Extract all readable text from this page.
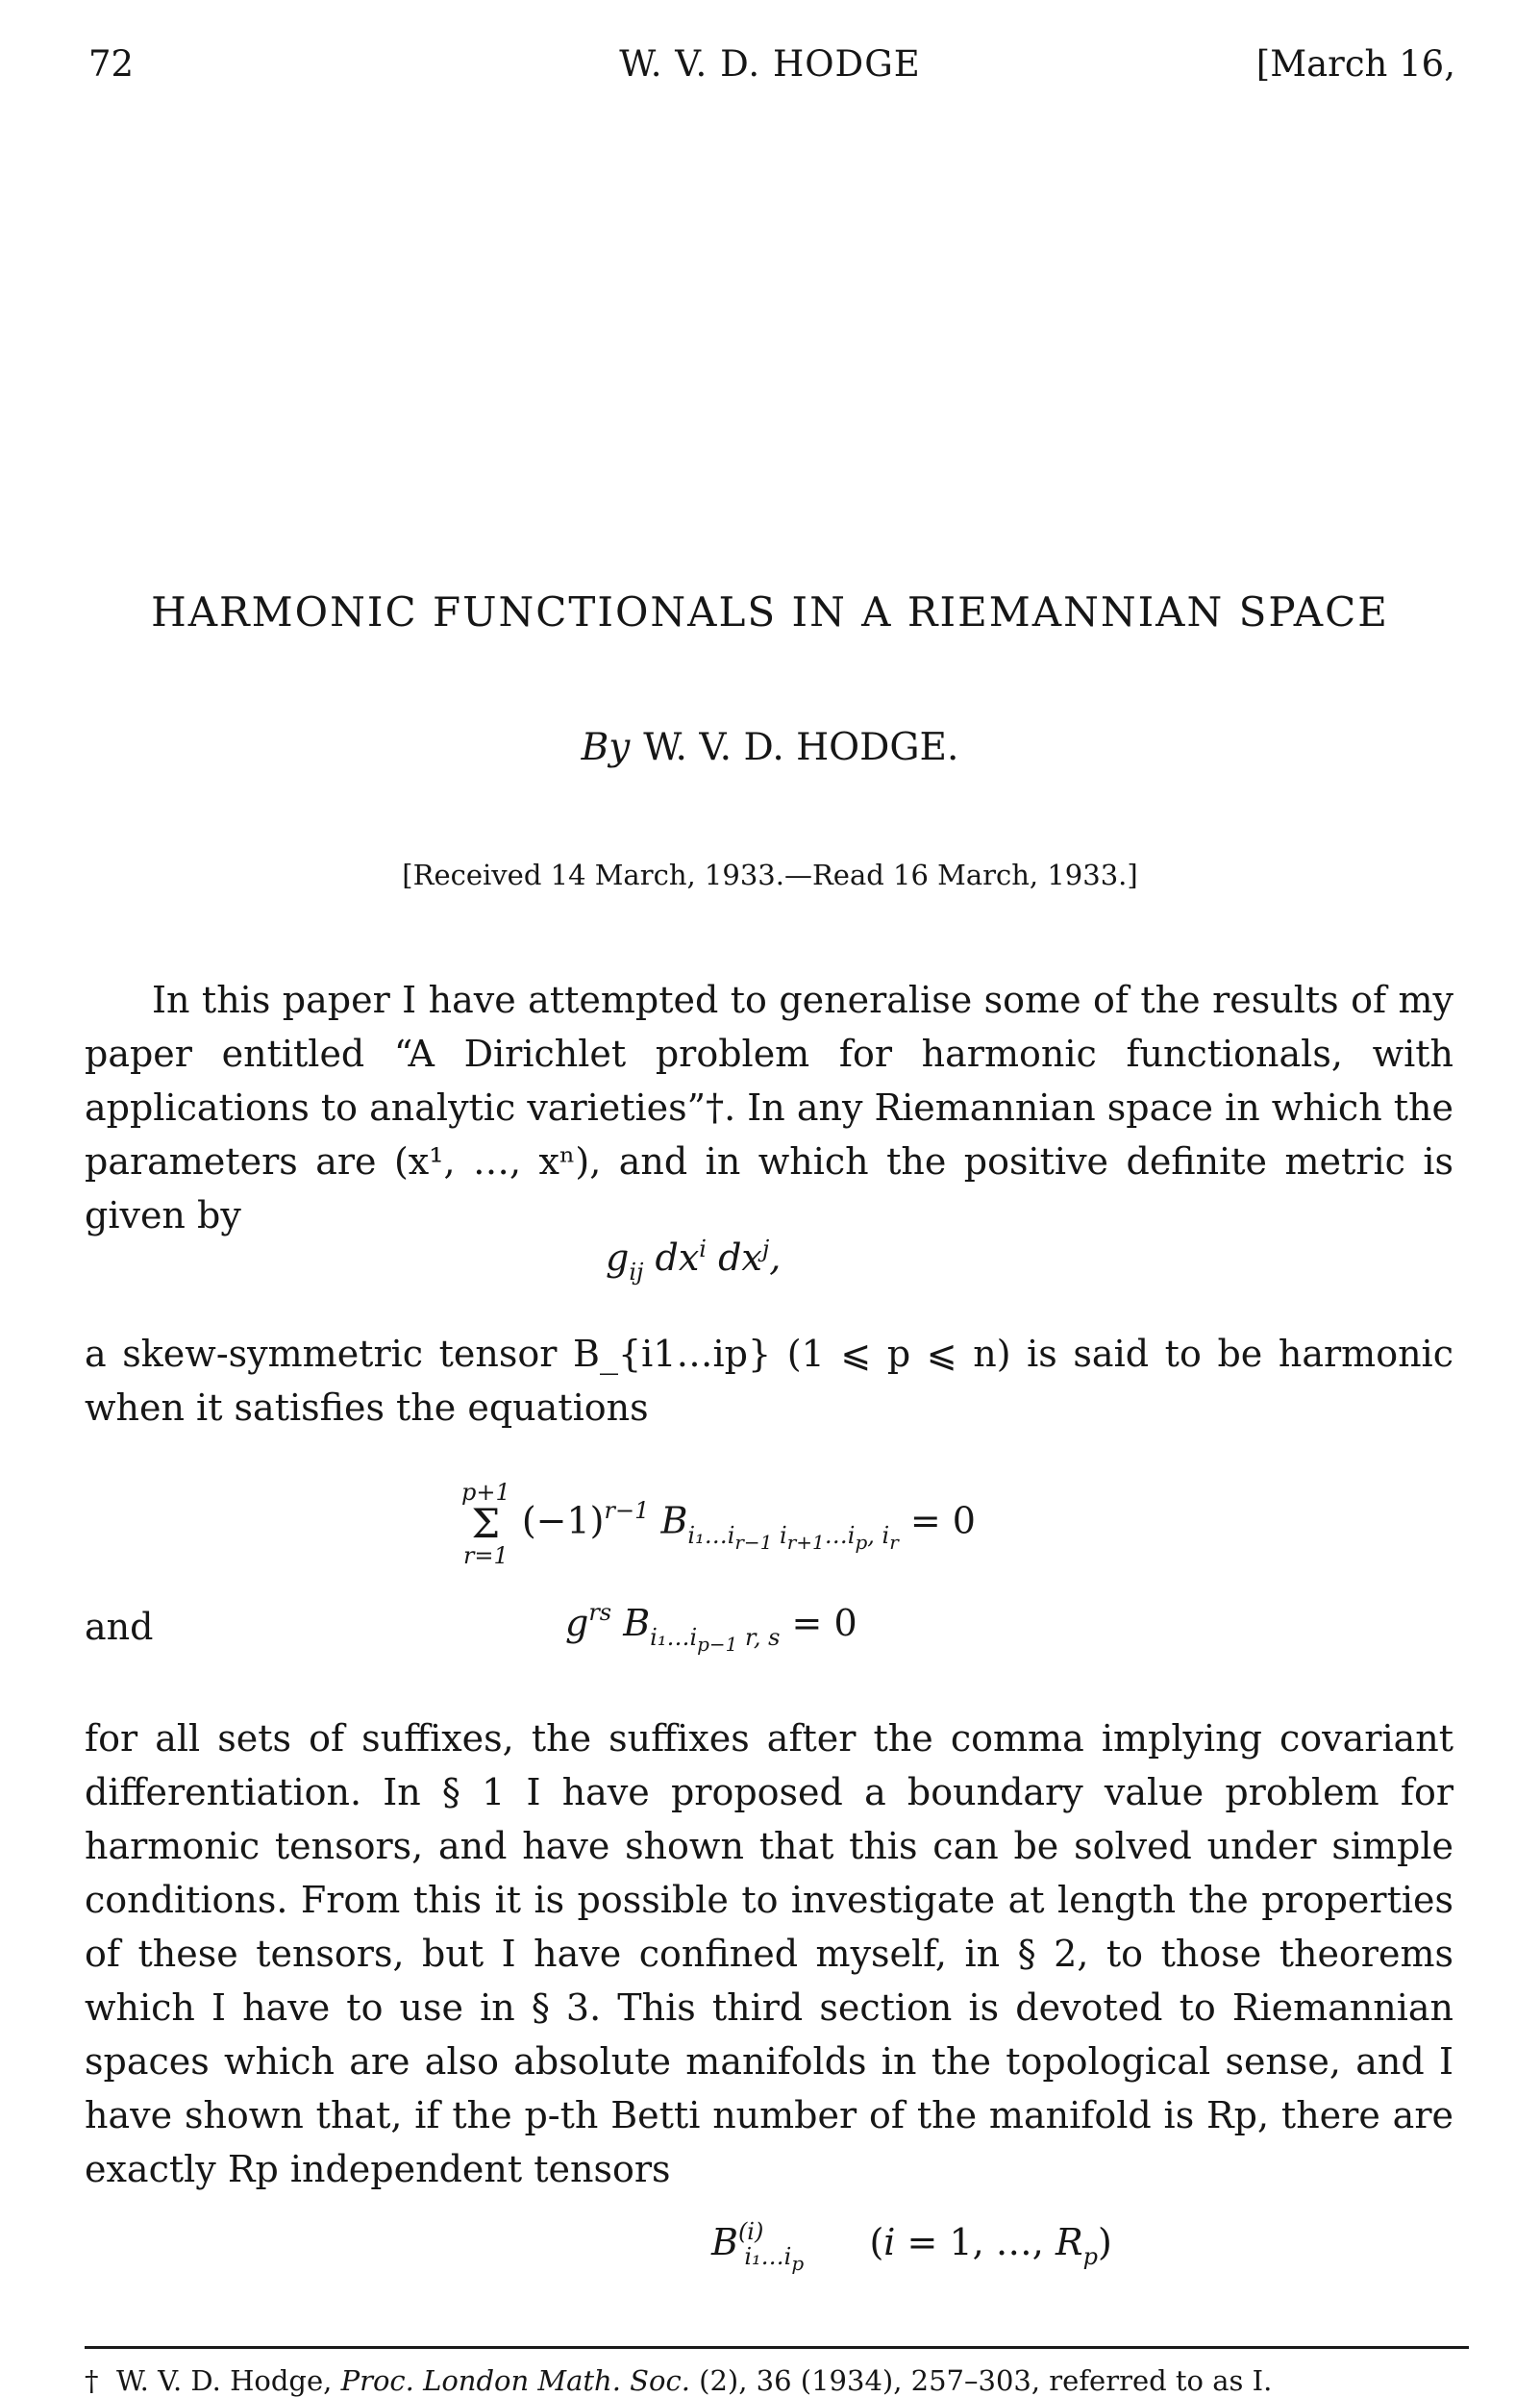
72	W. V. D. HODGE	[March 16,
HARMONIC FUNCTIONALS IN A RIEMANNIAN SPACE
By W. V. D. HODGE.
[Received 14 March, 1933.—Read 16 March, 1933.]
In this paper I have attempted to generalise some of the results of my paper entitled “A Dirichlet problem for harmonic functionals, with applications to analytic varieties”†. In any Riemannian space in which the parameters are (x¹, …, xⁿ), and in which the positive definite metric is given by
$g_{ij}$ $dx^i$ $dx^j$,
a skew-symmetric tensor B_{i1…ip} (1 ⩽ p ⩽ n) is said to be harmonic when it satisfies the equations
p+1
Σ
r=1
$(-1)^{r-1}$ $B_{i_1\dots i_{r-1} i_{r+1}\dots i_p, i_r} = 0$
and	$g^{rs}$ $B_{i_1\dots i_{p-1} r, s} = 0$
for all sets of suffixes, the suffixes after the comma implying covariant differentiation. In § 1 I have proposed a boundary value problem for harmonic tensors, and have shown that this can be solved under simple conditions. From this it is possible to investigate at length the properties of these tensors, but I have confined myself, in § 2, to those theorems which I have to use in § 3. This third section is devoted to Riemannian spaces which are also absolute manifolds in the topological sense, and I have shown that, if the p-th Betti number of the manifold is Rp, there are exactly Rp independent tensors
$B^{(i)}_{i_1\dots i_p}$    (i = 1, …, $R_p$)
† W. V. D. Hodge, Proc. London Math. Soc. (2), 36 (1934), 257–303, referred to as I.
